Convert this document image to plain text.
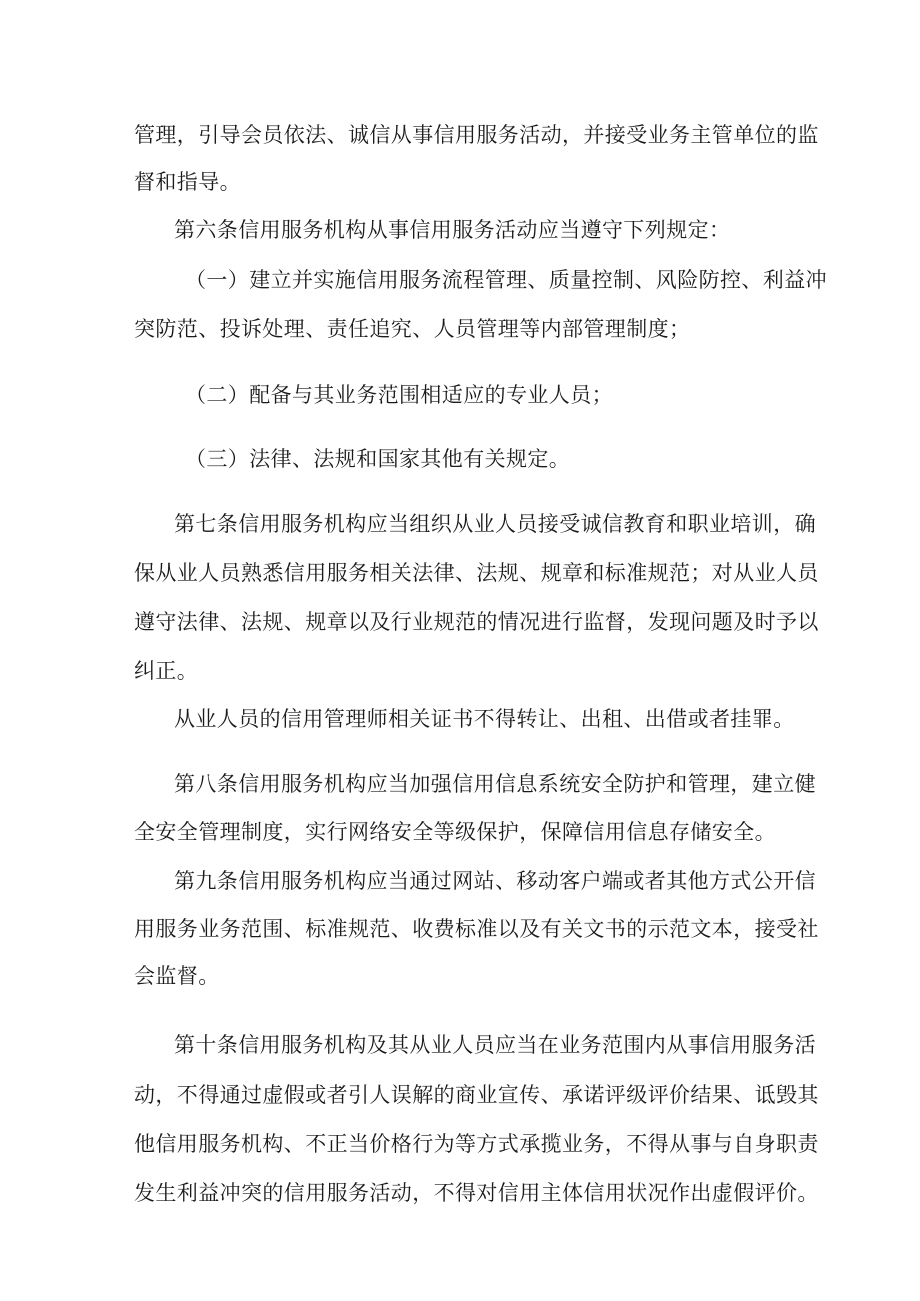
管理，引导会员依法、诚信从事信用服务活动，并接受业务主管单位的监
督和指导。
第六条信用服务机构从事信用服务活动应当遵守下列规定：
（一）建立并实施信用服务流程管理、质量控制、风险防控、利益冲
突防范、投诉处理、责任追究、人员管理等内部管理制度；
（二）配备与其业务范围相适应的专业人员；
（三）法律、法规和国家其他有关规定。
第七条信用服务机构应当组织从业人员接受诚信教育和职业培训，确
保从业人员熟悉信用服务相关法律、法规、规章和标准规范；对从业人员
遵守法律、法规、规章以及行业规范的情况进行监督，发现问题及时予以
纠正。
从业人员的信用管理师相关证书不得转让、出租、出借或者挂罪。
第八条信用服务机构应当加强信用信息系统安全防护和管理，建立健
全安全管理制度，实行网络安全等级保护，保障信用信息存储安全。
第九条信用服务机构应当通过网站、移动客户端或者其他方式公开信
用服务业务范围、标准规范、收费标准以及有关文书的示范文本，接受社
会监督。
第十条信用服务机构及其从业人员应当在业务范围内从事信用服务活
动，不得通过虚假或者引人误解的商业宣传、承诺评级评价结果、诋毁其
他信用服务机构、不正当价格行为等方式承揽业务，不得从事与自身职责
发生利益冲突的信用服务活动，不得对信用主体信用状况作出虚假评价。
